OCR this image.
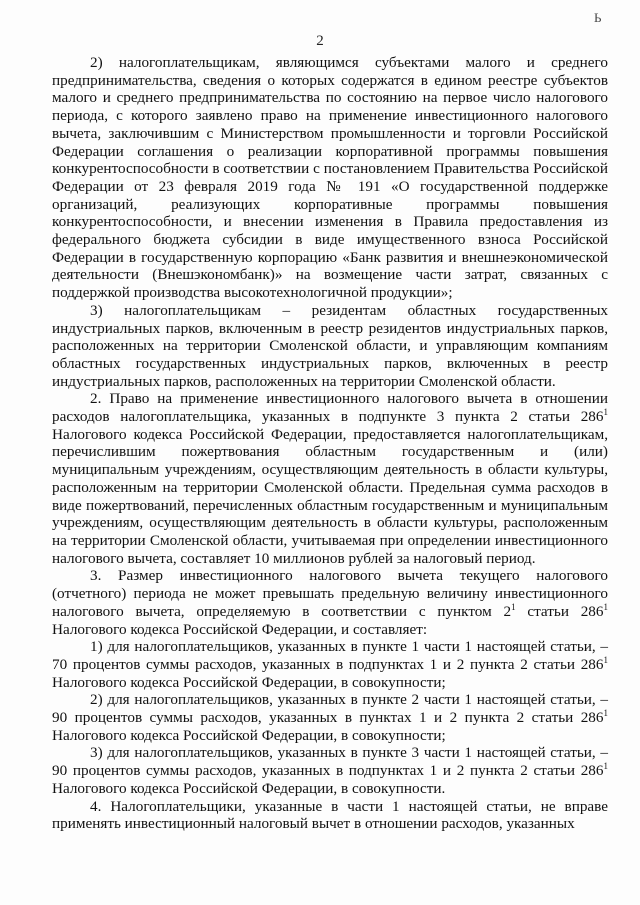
Ь
2

2) налогоплательщикам, являющимся субъектами малого и среднего предпринимательства, сведения о которых содержатся в едином реестре субъектов малого и среднего предпринимательства по состоянию на первое число налогового периода, с которого заявлено право на применение инвестиционного налогового вычета, заключившим с Министерством промышленности и торговли Российской Федерации соглашения о реализации корпоративной программы повышения конкурентоспособности в соответствии с постановлением Правительства Российской Федерации от 23 февраля 2019 года № 191 «О государственной поддержке организаций, реализующих корпоративные программы повышения конкурентоспособности, и внесении изменения в Правила предоставления из федерального бюджета субсидии в виде имущественного взноса Российской Федерации в государственную корпорацию «Банк развития и внешнеэкономической деятельности (Внешэкономбанк)» на возмещение части затрат, связанных с поддержкой производства высокотехнологичной продукции»;

3) налогоплательщикам – резидентам областных государственных индустриальных парков, включенным в реестр резидентов индустриальных парков, расположенных на территории Смоленской области, и управляющим компаниям областных государственных индустриальных парков, включенных в реестр индустриальных парков, расположенных на территории Смоленской области.

2. Право на применение инвестиционного налогового вычета в отношении расходов налогоплательщика, указанных в подпункте 3 пункта 2 статьи $286^1$ Налогового кодекса Российской Федерации, предоставляется налогоплательщикам, перечислившим пожертвования областным государственным и (или) муниципальным учреждениям, осуществляющим деятельность в области культуры, расположенным на территории Смоленской области. Предельная сумма расходов в виде пожертвований, перечисленных областным государственным и муниципальным учреждениям, осуществляющим деятельность в области культуры, расположенным на территории Смоленской области, учитываемая при определении инвестиционного налогового вычета, составляет 10 миллионов рублей за налоговый период.

3. Размер инвестиционного налогового вычета текущего налогового (отчетного) периода не может превышать предельную величину инвестиционного налогового вычета, определяемую в соответствии с пунктом $2^1$ статьи $286^1$ Налогового кодекса Российской Федерации, и составляет:

1) для налогоплательщиков, указанных в пункте 1 части 1 настоящей статьи, – 70 процентов суммы расходов, указанных в подпунктах 1 и 2 пункта 2 статьи $286^1$ Налогового кодекса Российской Федерации, в совокупности;

2) для налогоплательщиков, указанных в пункте 2 части 1 настоящей статьи, – 90 процентов суммы расходов, указанных в пунктах 1 и 2 пункта 2 статьи $286^1$ Налогового кодекса Российской Федерации, в совокупности;

3) для налогоплательщиков, указанных в пункте 3 части 1 настоящей статьи, – 90 процентов суммы расходов, указанных в подпунктах 1 и 2 пункта 2 статьи $286^1$ Налогового кодекса Российской Федерации, в совокупности.

4. Налогоплательщики, указанные в части 1 настоящей статьи, не вправе применять инвестиционный налоговый вычет в отношении расходов, указанных
